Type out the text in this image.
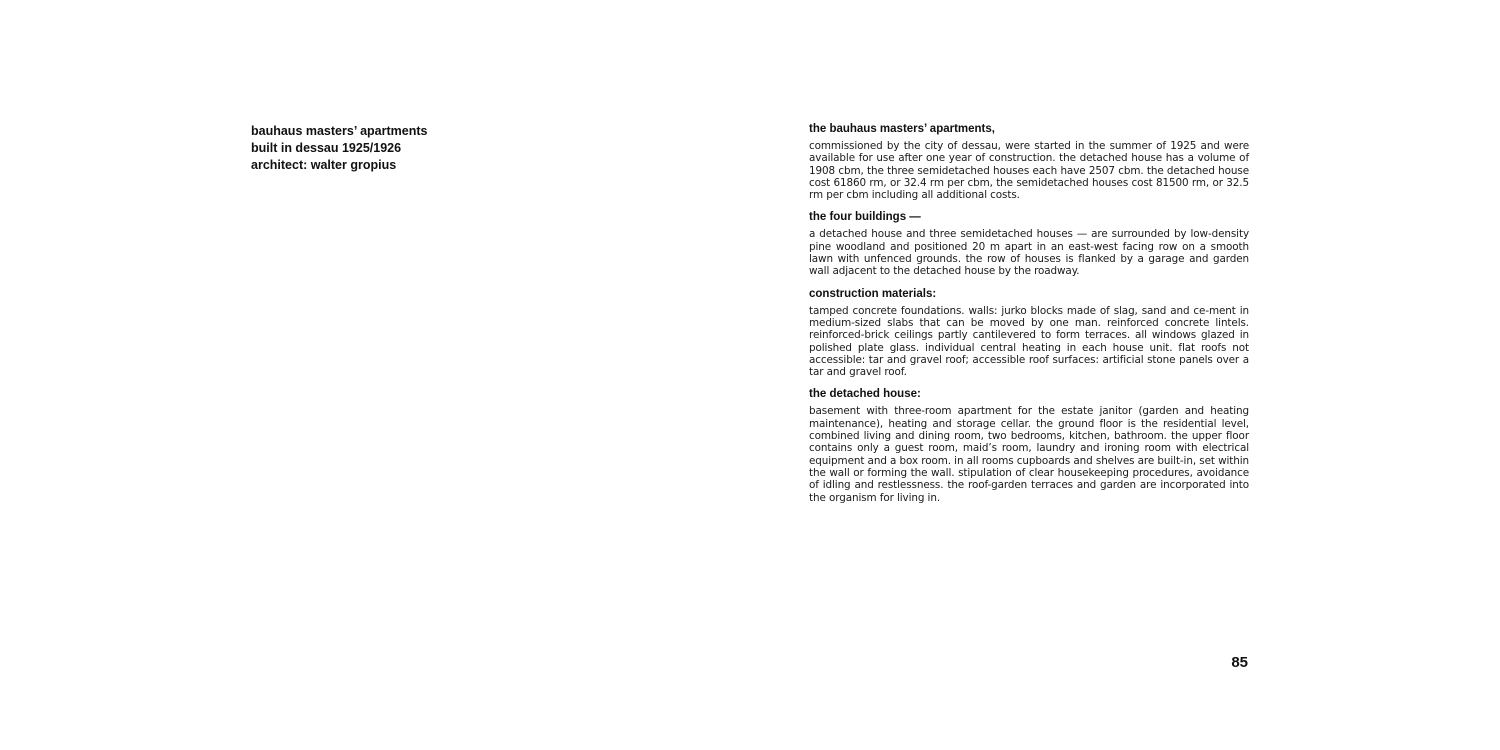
bauhaus masters’ apartments
built in dessau 1925/1926
architect: walter gropius

the bauhaus masters’ apartments,

commissioned by the city of dessau, were started in the summer of 1925 and were available for use after one year of construction. the detached house has a volume of 1908 cbm, the three semidetached houses each have 2507 cbm. the detached house cost 61860 rm, or 32.4 rm per cbm, the semidetached houses cost 81500 rm, or 32.5 rm per cbm including all additional costs.

the four buildings —

a detached house and three semidetached houses — are surrounded by low-density pine woodland and positioned 20 m apart in an east-west facing row on a smooth lawn with unfenced grounds. the row of houses is flanked by a garage and garden wall adjacent to the detached house by the roadway.

construction materials:

tamped concrete foundations. walls: jurko blocks made of slag, sand and ce-ment in medium-sized slabs that can be moved by one man. reinforced concrete lintels. reinforced-brick ceilings partly cantilevered to form terraces. all windows glazed in polished plate glass. individual central heating in each house unit. flat roofs not accessible: tar and gravel roof; accessible roof surfaces: artificial stone panels over a tar and gravel roof.

the detached house:

basement with three-room apartment for the estate janitor (garden and heating maintenance), heating and storage cellar. the ground floor is the residential level, combined living and dining room, two bedrooms, kitchen, bathroom. the upper floor contains only a guest room, maid’s room, laundry and ironing room with electrical equipment and a box room. in all rooms cupboards and shelves are built-in, set within the wall or forming the wall. stipulation of clear housekeeping procedures, avoidance of idling and restlessness. the roof-garden terraces and garden are incorporated into the organism for living in.

85
